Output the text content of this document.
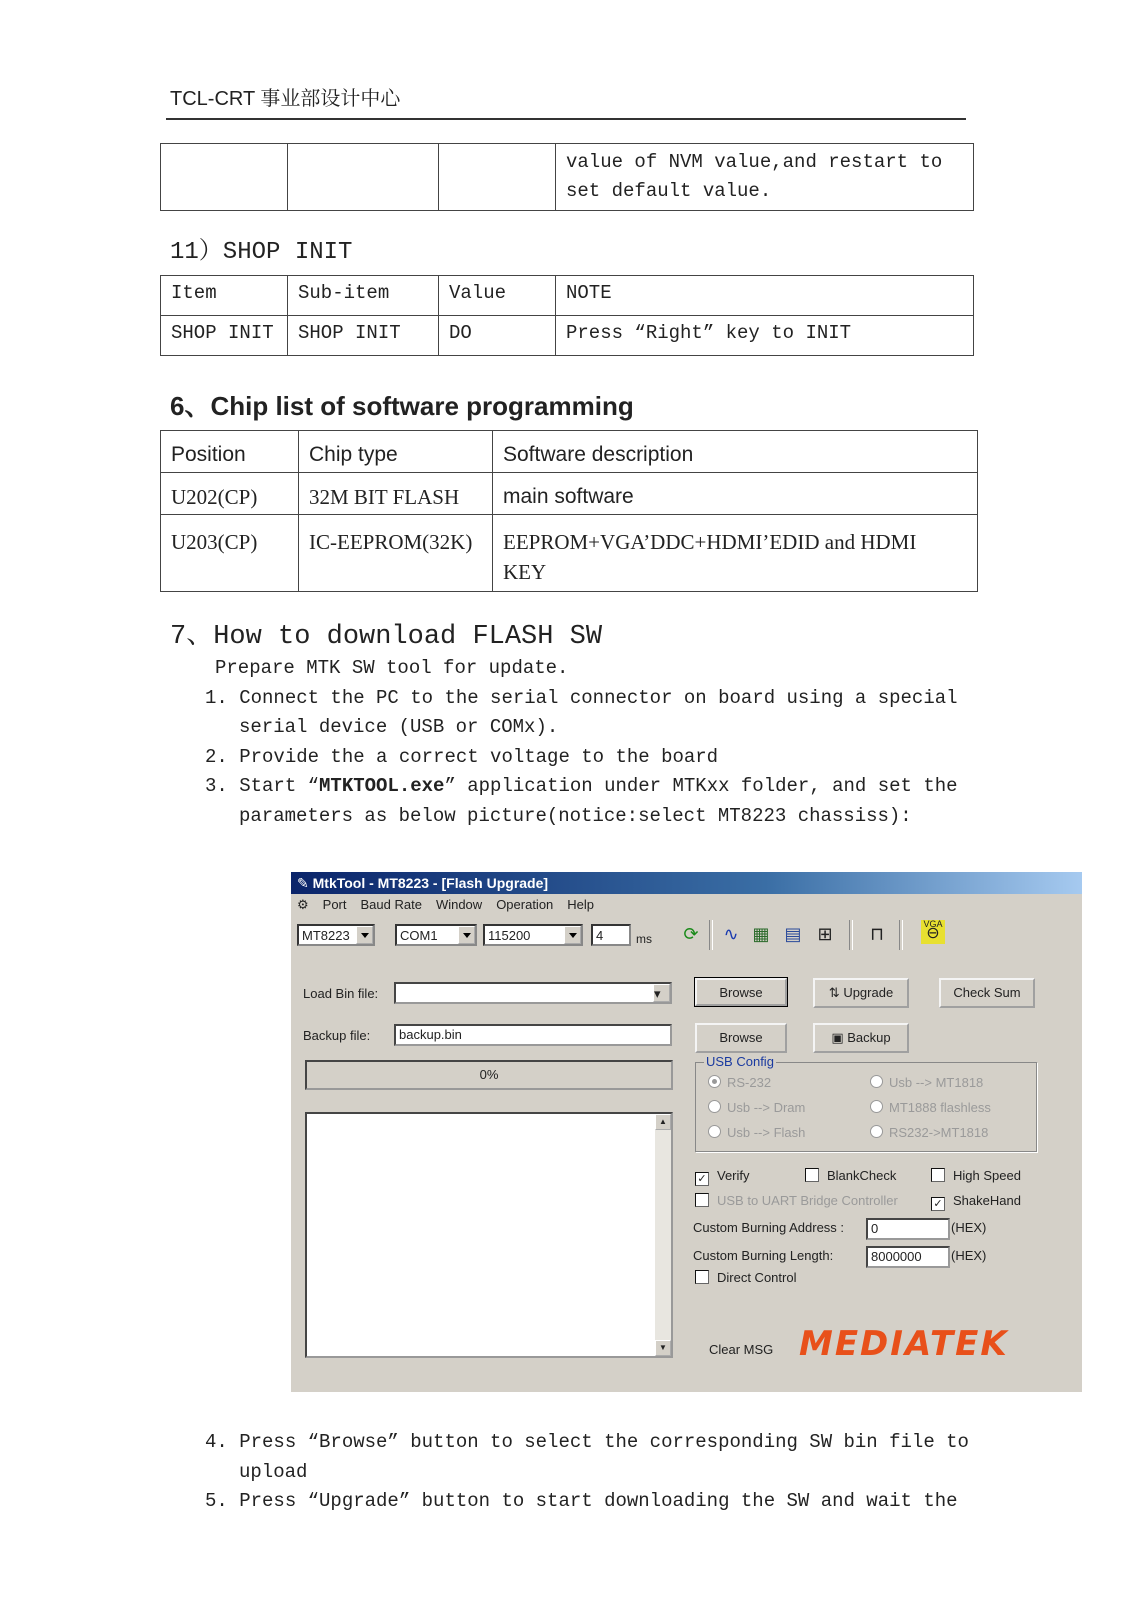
TCL-CRT 事业部设计中心
			value of NVM value,and restart to
set default value.
11）SHOP INIT
Item	Sub-item	Value	NOTE
SHOP INIT	SHOP INIT	DO	Press “Right” key to INIT
6、Chip list of software programming
Position	Chip type	Software description
U202(CP)	32M BIT FLASH	main software
U203(CP)	IC-EEPROM(32K)	EEPROM+VGA’DDC+HDMI’EDID and HDMI
KEY
7、How to download FLASH SW
Prepare MTK SW tool for update.
1. Connect the PC to the serial connector on board using a special
serial device (USB or COMx).
2. Provide the a correct voltage to the board
3. Start “MTKTOOL.exe” application under MTKxx folder, and set the
parameters as below picture(notice:select MT8223 chassiss):
✎ MtkTool - MT8223 - [Flash Upgrade]
⚙ Port Baud Rate Window Operation Help
MT8223	COM1	115200	4	ms ⟳ ∿ ▦ ▤ ⊞ ⊓	VGA
⊖
Load Bin file:	▾
Backup file:	backup.bin
Browse	⇅ Upgrade	Check Sum
Browse	▣ Backup
0%
▲
▼
USB Config
RS-232
Usb --> Dram
Usb --> Flash
Usb --> MT1818
MT1888 flashless
RS232->MT1818
✓ Verify	BlankCheck	High Speed
USB to UART Bridge Controller	✓ ShakeHand
Custom Burning Address :	0	(HEX)
Custom Burning Length:	8000000	(HEX)
Direct Control
Clear MSG MEDIATEK
4. Press “Browse” button to select the corresponding SW bin file to
upload
5. Press “Upgrade” button to start downloading the SW and wait the
